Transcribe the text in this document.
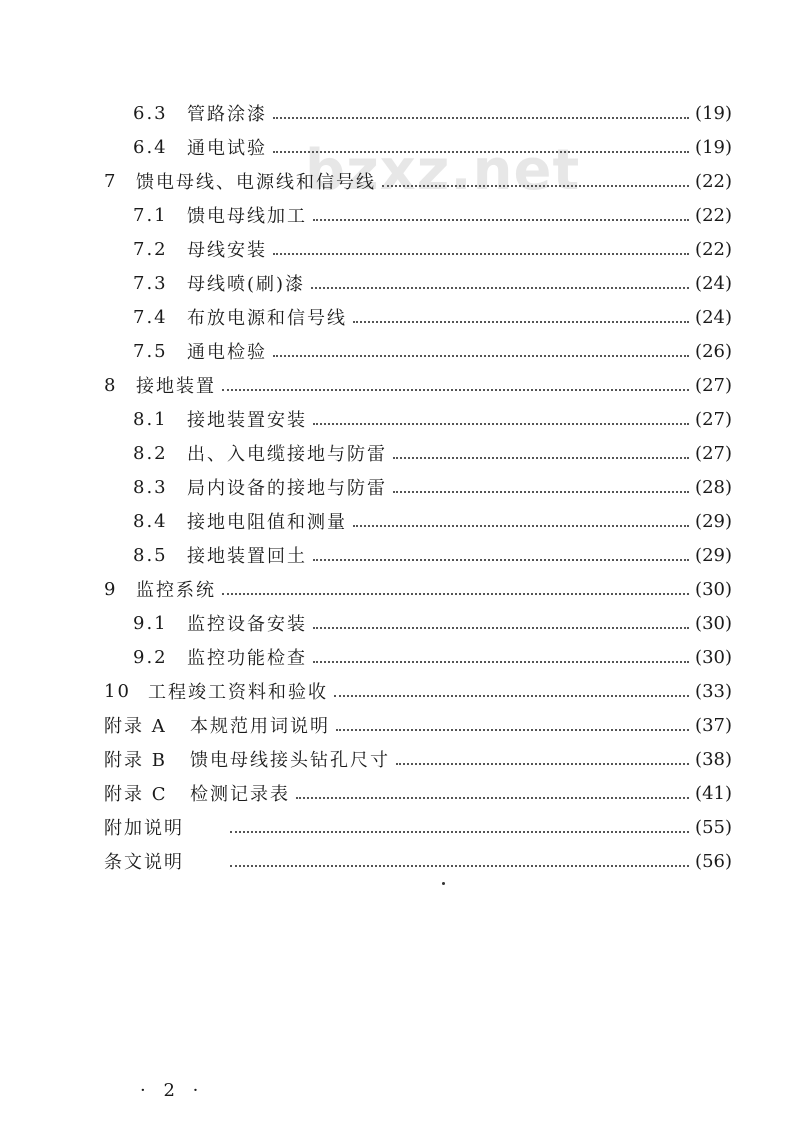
bzxz.net
6.3	管路涂漆	(19)
6.4	通电试验	(19)
7	馈电母线、电源线和信号线	(22)
7.1	馈电母线加工	(22)
7.2	母线安装	(22)
7.3	母线喷(刷)漆	(24)
7.4	布放电源和信号线	(24)
7.5	通电检验	(26)
8	接地装置	(27)
8.1	接地装置安装	(27)
8.2	出、入电缆接地与防雷	(27)
8.3	局内设备的接地与防雷	(28)
8.4	接地电阻值和测量	(29)
8.5	接地装置回土	(29)
9	监控系统	(30)
9.1	监控设备安装	(30)
9.2	监控功能检查	(30)
10 工程竣工资料和验收	(33)
附录 A	本规范用词说明	(37)
附录 B	馈电母线接头钻孔尺寸	(38)
附录 C	检测记录表	(41)
附加说明	(55)
条文说明	(56)
· 2 ·
